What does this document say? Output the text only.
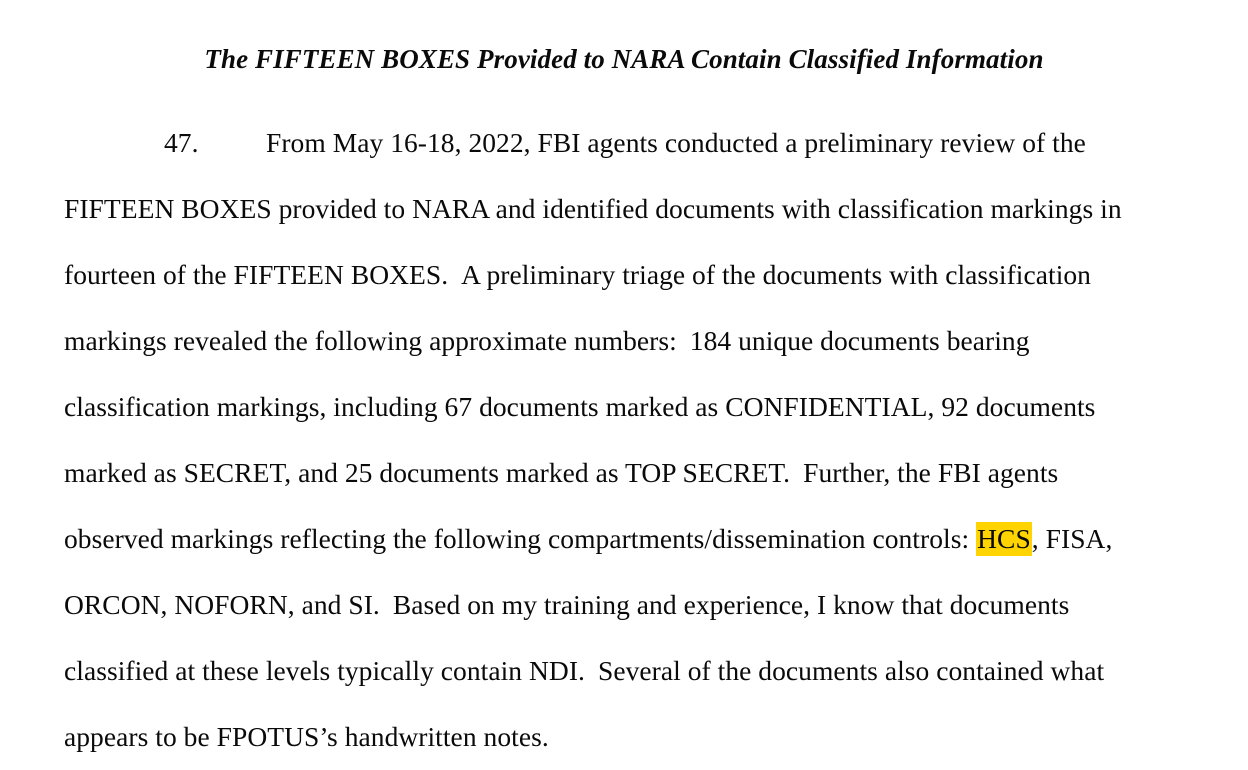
The FIFTEEN BOXES Provided to NARA Contain Classified Information
47. From May 16-18, 2022, FBI agents conducted a preliminary review of the
FIFTEEN BOXES provided to NARA and identified documents with classification markings in
fourteen of the FIFTEEN BOXES. A preliminary triage of the documents with classification
markings revealed the following approximate numbers: 184 unique documents bearing
classification markings, including 67 documents marked as CONFIDENTIAL, 92 documents
marked as SECRET, and 25 documents marked as TOP SECRET. Further, the FBI agents
observed markings reflecting the following compartments/dissemination controls: HCS, FISA,
ORCON, NOFORN, and SI. Based on my training and experience, I know that documents
classified at these levels typically contain NDI. Several of the documents also contained what
appears to be FPOTUS’s handwritten notes.
